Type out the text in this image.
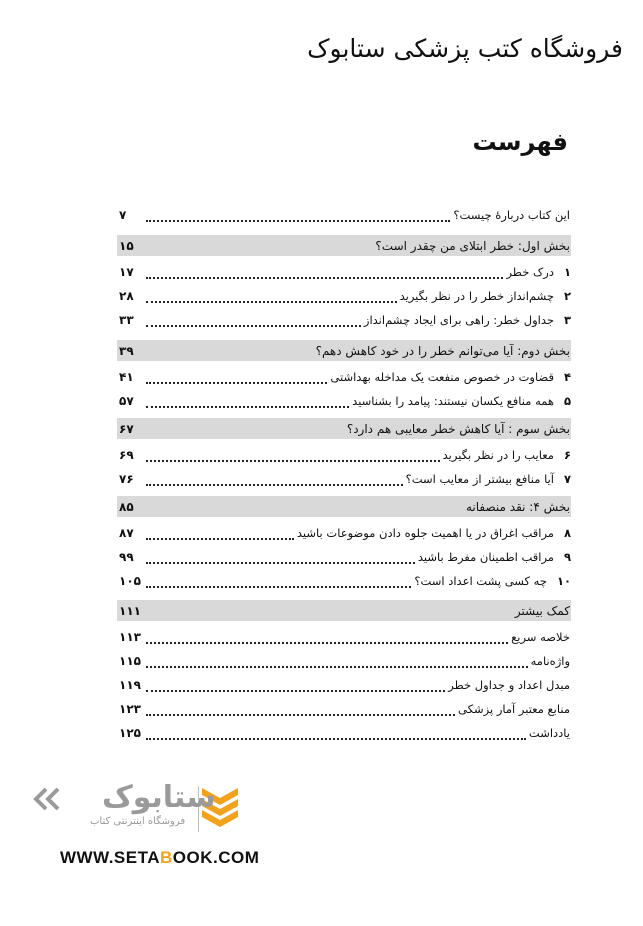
فروشگاه کتب پزشکی ستابوک
فهرست
این کتاب دربارهٔ چیست؟
۷
بخش اول: خطر ابتلای من چقدر است؟
۱۵
۱
درک خطر
۱۷
۲
چشم‌انداز خطر را در نظر بگیرید
۲۸
۳
جداول خطر: راهی برای ایجاد چشم‌انداز
۳۳
بخش دوم: آیا می‌توانم خطر را در خود کاهش دهم؟
۳۹
۴
قضاوت در خصوص منفعت یک مداخله بهداشتی
۴۱
۵
همه منافع یکسان نیستند: پیامد را بشناسید
۵۷
بخش سوم : آیا کاهش خطر معایبی هم دارد؟
۶۷
۶
معایب را در نظر بگیرید
۶۹
۷
آیا منافع بیشتر از معایب است؟
۷۶
بخش ۴: نقد منصفانه
۸۵
۸
مراقب اغراق در یا اهمیت جلوه دادن موضوعات باشید
۸۷
۹
مراقب اطمینان مفرط باشید
۹۹
۱۰
چه کسی پشت اعداد است؟
۱۰۵
کمک بیشتر
۱۱۱
خلاصه سریع
۱۱۳
واژه‌نامه
۱۱۵
مبدل اعداد و جداول خطر
۱۱۹
منابع معتبر آمار پزشکی
۱۲۳
یادداشت
۱۲۵
ستابوک
فروشگاه اینترنتی کتاب
WWW.SETABOOK.COM
